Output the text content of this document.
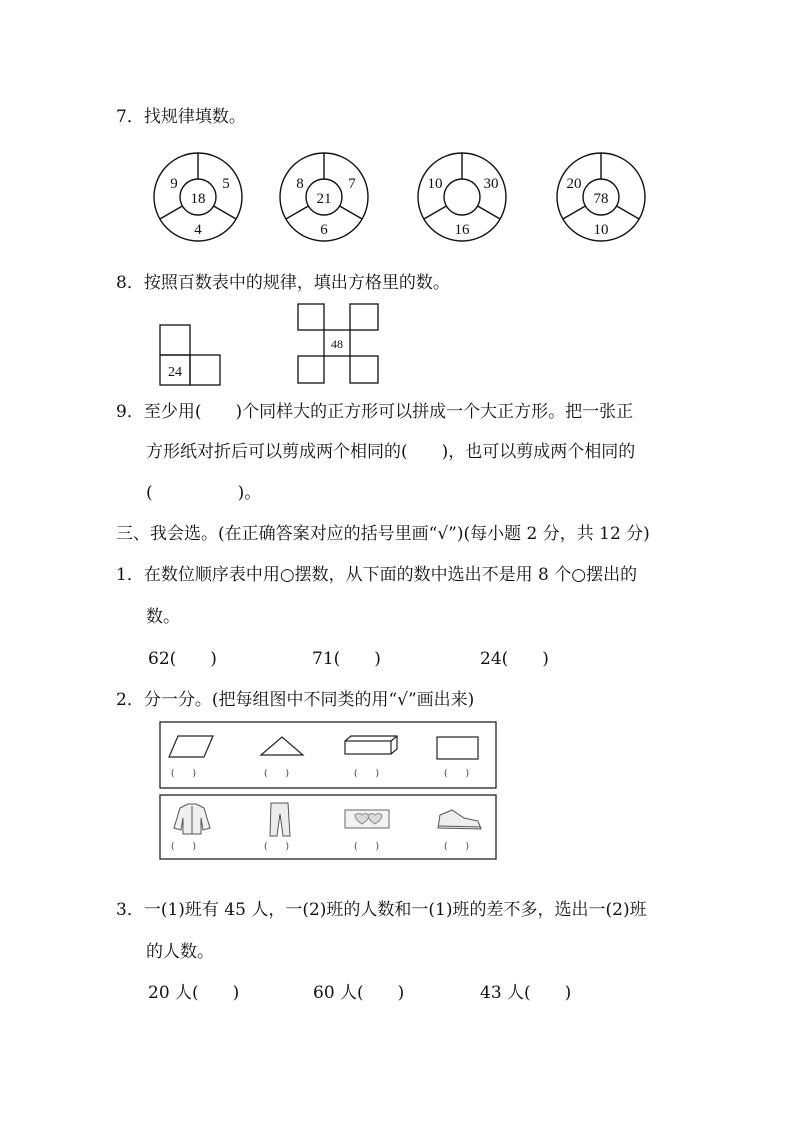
7．找规律填数。
9	5
18
4
8	7
21
6
10	30
16
20
78
10
24
48
8．按照百数表中的规律，填出方格里的数。
9．至少用(　　)个同样大的正方形可以拼成一个大正方形。把一张正
方形纸对折后可以剪成两个相同的(　　)，也可以剪成两个相同的
(　　　　　)。
三、我会选。(在正确答案对应的括号里画“√”)(每小题 2 分，共 12 分)
1．在数位顺序表中用○摆数，从下面的数中选出不是用 8 个○摆出的
数。
62(　　)	71(　　)	24(　　)
2．分一分。(把每组图中不同类的用“√”画出来)
(　　)	(　　)	(　　)	(　　)
(　　)	(　　)	(　　)	(　　)
3．一(1)班有 45 人，一(2)班的人数和一(1)班的差不多，选出一(2)班
的人数。
20 人(　　)	60 人(　　)	43 人(　　)
